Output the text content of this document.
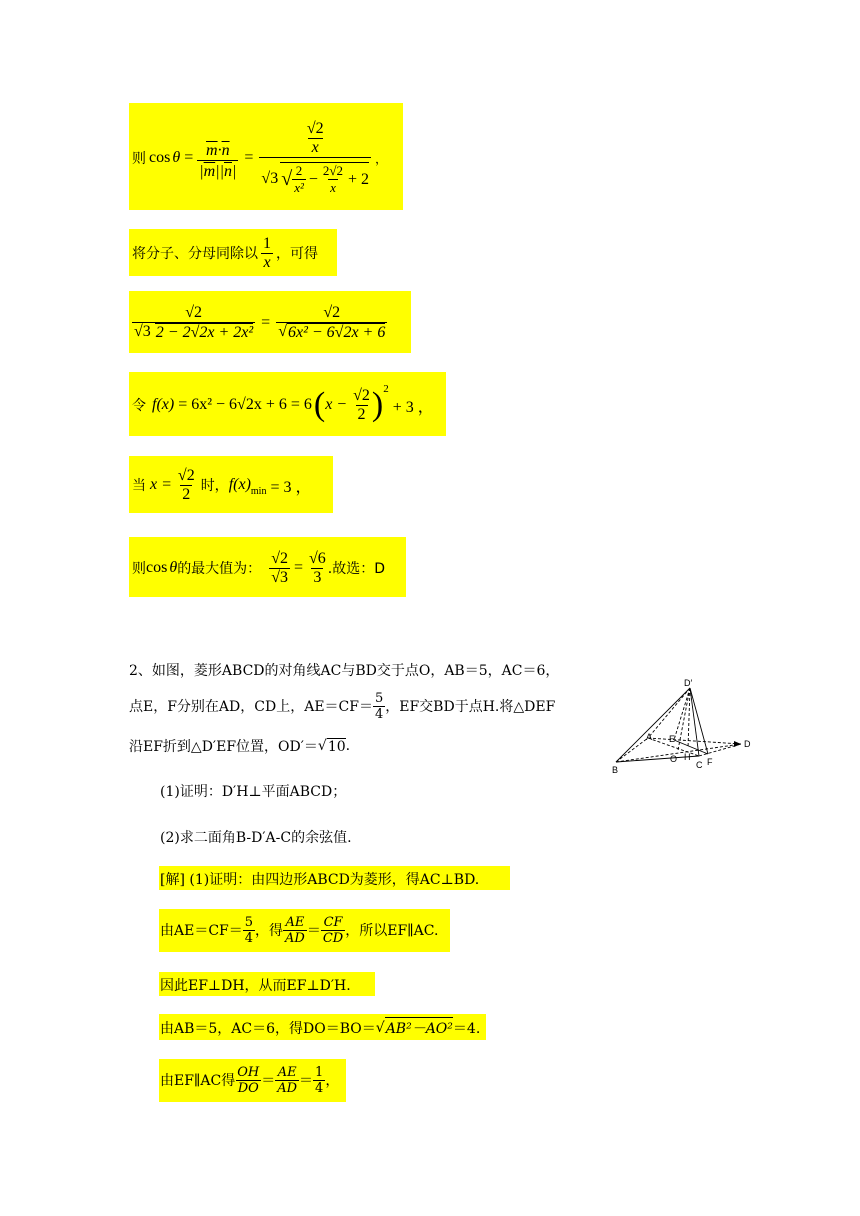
则 $\cos \theta = \frac{\overline{m}\cdot\overline{n}}{|\overline{m}||\overline{n}|}$ =
√2
x
√3 √ $\frac{2}{\text{x²}} - \frac{2√2}{x} + 2$
，
将分子、分母同除以 $\frac{1}{x}$ ，可得
$\frac{√2}{\text{√3 2 − 2√2x + 2x²}} = \frac{√2}{\text{√ 6x² − 6√2x + 6}}$
令 f(x) = 6x² − 6√2x + 6 = 6 ( $x - \frac{√2}{2}$ ) 2
+ 3 ，
当 $x = \frac{√2}{2}$ 时， f(x) min = 3 ，
则 cos θ 的最大值为： $\frac{√2}{√3} = \frac{√6}{3}$ .故选：D
2、如图，菱形ABCD的对角线AC与BD交于点O，AB＝5，AC＝6，
点E，F分别在AD，CD上，$AE=CF= \frac{5}{4}$ ，EF交BD于点H.将△DEF
沿EF折到△D′EF位置，OD′＝ √ 10 .
(1)证明：D′H⊥平面ABCD；
(2)求二面角B-D′A-C的余弦值.
D′
A E
O H
B	C F
D
[解] (1)证明：由四边形ABCD为菱形，得AC⊥BD.
由$AE=CF= \frac{5}{4}$ ，得 $\frac{AE}{AD} = \frac{CF}{CD}$ ，所以EF∥AC.
因此EF⊥DH，从而EF⊥D′H.
由AB＝5，AC＝6，得DO＝BO＝ √ AB²－AO² ＝4.
由EF∥AC得 $\frac{OH}{DO} = \frac{AE}{AD} = \frac{1}{4}$ ，
